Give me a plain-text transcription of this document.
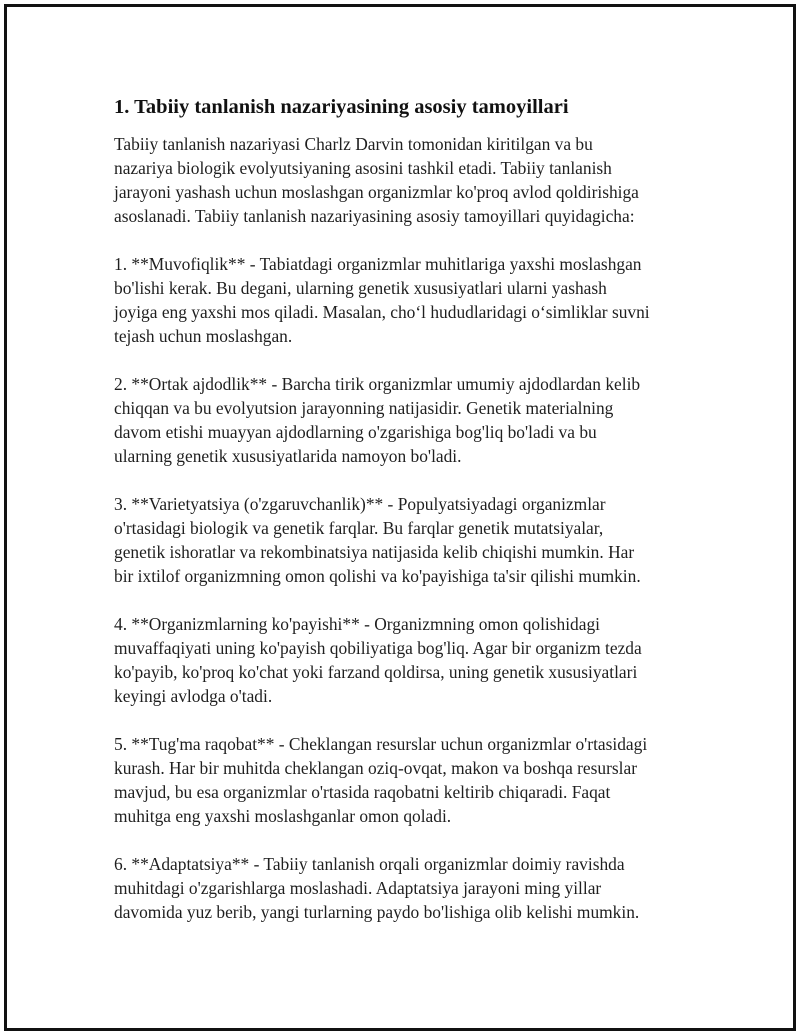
1. Tabiiy tanlanish nazariyasining asosiy tamoyillari

Tabiiy tanlanish nazariyasi Charlz Darvin tomonidan kiritilgan va bu
nazariya biologik evolyutsiyaning asosini tashkil etadi. Tabiiy tanlanish
jarayoni yashash uchun moslashgan organizmlar ko'proq avlod qoldirishiga
asoslanadi. Tabiiy tanlanish nazariyasining asosiy tamoyillari quyidagicha:

1. **Muvofiqlik** - Tabiatdagi organizmlar muhitlariga yaxshi moslashgan
bo'lishi kerak. Bu degani, ularning genetik xususiyatlari ularni yashash
joyiga eng yaxshi mos qiladi. Masalan, cho‘l hududlaridagi o‘simliklar suvni
tejash uchun moslashgan.

2. **Ortak ajdodlik** - Barcha tirik organizmlar umumiy ajdodlardan kelib
chiqqan va bu evolyutsion jarayonning natijasidir. Genetik materialning
davom etishi muayyan ajdodlarning o'zgarishiga bog'liq bo'ladi va bu
ularning genetik xususiyatlarida namoyon bo'ladi.

3. **Varietyatsiya (o'zgaruvchanlik)** - Populyatsiyadagi organizmlar
o'rtasidagi biologik va genetik farqlar. Bu farqlar genetik mutatsiyalar,
genetik ishoratlar va rekombinatsiya natijasida kelib chiqishi mumkin. Har
bir ixtilof organizmning omon qolishi va ko'payishiga ta'sir qilishi mumkin.

4. **Organizmlarning ko'payishi** - Organizmning omon qolishidagi
muvaffaqiyati uning ko'payish qobiliyatiga bog'liq. Agar bir organizm tezda
ko'payib, ko'proq ko'chat yoki farzand qoldirsa, uning genetik xususiyatlari
keyingi avlodga o'tadi.

5. **Tug'ma raqobat** - Cheklangan resurslar uchun organizmlar o'rtasidagi
kurash. Har bir muhitda cheklangan oziq-ovqat, makon va boshqa resurslar
mavjud, bu esa organizmlar o'rtasida raqobatni keltirib chiqaradi. Faqat
muhitga eng yaxshi moslashganlar omon qoladi.

6. **Adaptatsiya** - Tabiiy tanlanish orqali organizmlar doimiy ravishda
muhitdagi o'zgarishlarga moslashadi. Adaptatsiya jarayoni ming yillar
davomida yuz berib, yangi turlarning paydo bo'lishiga olib kelishi mumkin.
